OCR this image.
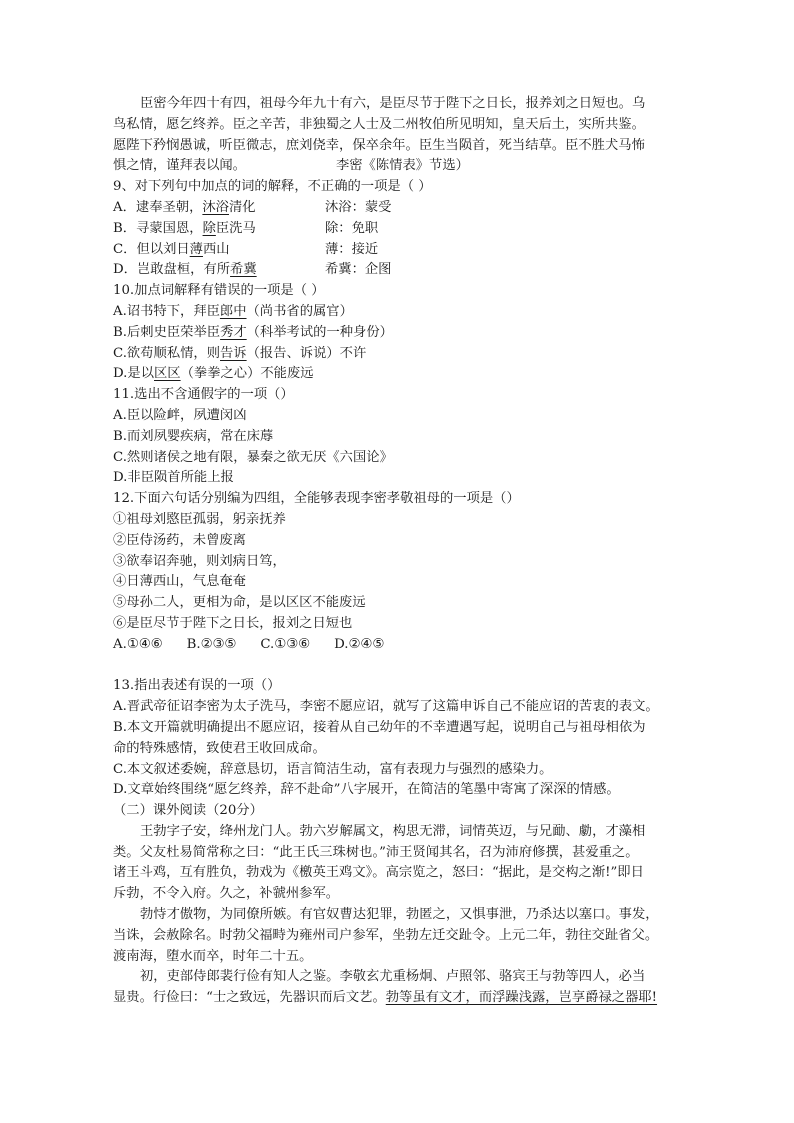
臣密今年四十有四，祖母今年九十有六，是臣尽节于陛下之日长，报养刘之日短也。乌
鸟私情，愿乞终养。臣之辛苦，非独蜀之人士及二州牧伯所见明知，皇天后土，实所共鉴。
愿陛下矜悯愚诚，听臣微志，庶刘侥幸，保卒余年。臣生当陨首，死当结草。臣不胜犬马怖
惧之情，谨拜表以闻。	李密《陈情表》节选）
9、对下列句中加点的词的解释，不正确的一项是（ ）
A．逮奉圣朝，沐浴清化	沐浴：蒙受
B．寻蒙国恩，除臣洗马	除：免职
C．但以刘日薄西山	薄：接近
D．岂敢盘桓，有所希冀	希冀：企图
10.加点词解释有错误的一项是（ ）
A.诏书特下，拜臣郎中（尚书省的属官）
B.后刺史臣荣举臣秀才（科举考试的一种身份）
C.欲苟顺私情，则告诉（报告、诉说）不许
D.是以区区（拳拳之心）不能废远
11.选出不含通假字的一项（）
A.臣以险衅，夙遭闵凶
B.而刘夙婴疾病，常在床蓐
C.然则诸侯之地有限，暴秦之欲无厌《六国论》
D.非臣陨首所能上报
12.下面六句话分别编为四组，全能够表现李密孝敬祖母的一项是（）
①祖母刘愍臣孤弱，躬亲抚养
②臣侍汤药，未曾废离
③欲奉诏奔驰，则刘病日笃，
④日薄西山，气息奄奄
⑤母孙二人，更相为命，是以区区不能废远
⑥是臣尽节于陛下之日长，报刘之日短也
A.①④⑥ B.②③⑤ C.①③⑥ D.②④⑤
13.指出表述有误的一项（）
A.晋武帝征诏李密为太子洗马，李密不愿应诏，就写了这篇申诉自己不能应诏的苦衷的表文。
B.本文开篇就明确提出不愿应诏，接着从自己幼年的不幸遭遇写起，说明自己与祖母相依为
命的特殊感情，致使君王收回成命。
C.本文叙述委婉，辞意恳切，语言简洁生动，富有表现力与强烈的感染力。
D.文章始终围绕“愿乞终养，辞不赴命”八字展开，在简洁的笔墨中寄寓了深深的情感。
（二）课外阅读（20分）
王勃字子安，绛州龙门人。勃六岁解属文，构思无滞，词情英迈，与兄勔、勮，才藻相
类。父友杜易简常称之曰：“此王氏三珠树也。”沛王贤闻其名，召为沛府修撰，甚爱重之。
诸王斗鸡，互有胜负，勃戏为《檄英王鸡文》。高宗览之，怒曰：“据此，是交构之渐!”即日
斥勃，不令入府。久之，补虢州参军。
勃恃才傲物，为同僚所嫉。有官奴曹达犯罪，勃匿之，又惧事泄，乃杀达以塞口。事发，
当诛，会赦除名。时勃父福畤为雍州司户参军，坐勃左迁交趾令。上元二年，勃往交趾省父。
渡南海，堕水而卒，时年二十五。
初，吏部侍郎裴行俭有知人之鉴。李敬玄尤重杨炯、卢照邻、骆宾王与勃等四人，必当
显贵。行俭曰：“士之致远，先器识而后文艺。勃等虽有文才，而浮躁浅露，岂享爵禄之器耶!
